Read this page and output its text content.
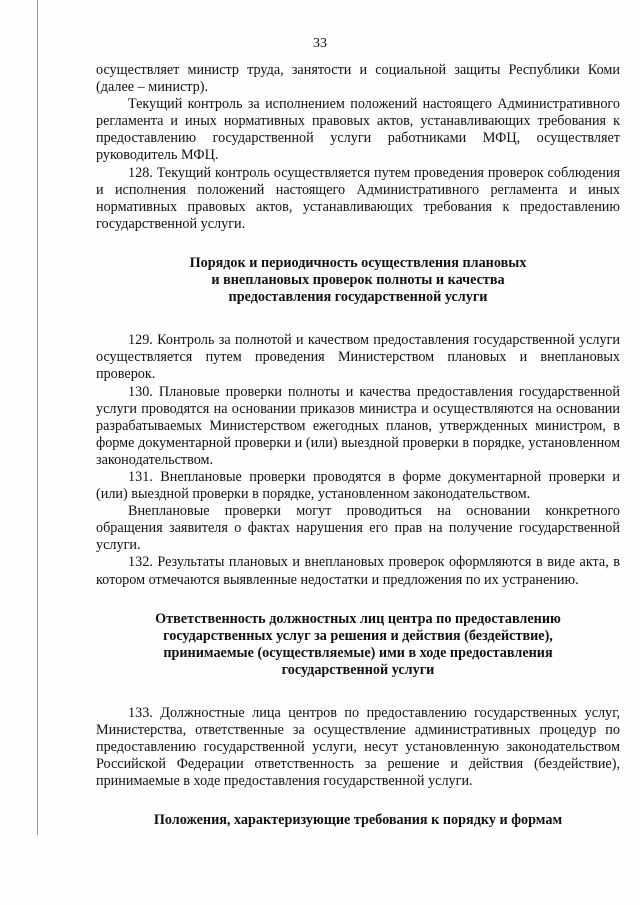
33

осуществляет министр труда, занятости и социальной защиты Республики Коми (далее – министр).

Текущий контроль за исполнением положений настоящего Административного регламента и иных нормативных правовых актов, устанавливающих требования к предоставлению государственной услуги работниками МФЦ, осуществляет руководитель МФЦ.

128. Текущий контроль осуществляется путем проведения проверок соблюдения и исполнения положений настоящего Административного регламента и иных нормативных правовых актов, устанавливающих требования к предоставлению государственной услуги.

Порядок и периодичность осуществления плановых
и внеплановых проверок полноты и качества
предоставления государственной услуги

129. Контроль за полнотой и качеством предоставления государственной услуги осуществляется путем проведения Министерством плановых и внеплановых проверок.

130. Плановые проверки полноты и качества предоставления государственной услуги проводятся на основании приказов министра и осуществляются на основании разрабатываемых Министерством ежегодных планов, утвержденных министром, в форме документарной проверки и (или) выездной проверки в порядке, установленном законодательством.

131. Внеплановые проверки проводятся в форме документарной проверки и (или) выездной проверки в порядке, установленном законодательством.

Внеплановые проверки могут проводиться на основании конкретного обращения заявителя о фактах нарушения его прав на получение государственной услуги.

132. Результаты плановых и внеплановых проверок оформляются в виде акта, в котором отмечаются выявленные недостатки и предложения по их устранению.

Ответственность должностных лиц центра по предоставлению
государственных услуг за решения и действия (бездействие),
принимаемые (осуществляемые) ими в ходе предоставления
государственной услуги

133. Должностные лица центров по предоставлению государственных услуг, Министерства, ответственные за осуществление административных процедур по предоставлению государственной услуги, несут установленную законодательством Российской Федерации ответственность за решение и действия (бездействие), принимаемые в ходе предоставления государственной услуги.

Положения, характеризующие требования к порядку и формам
